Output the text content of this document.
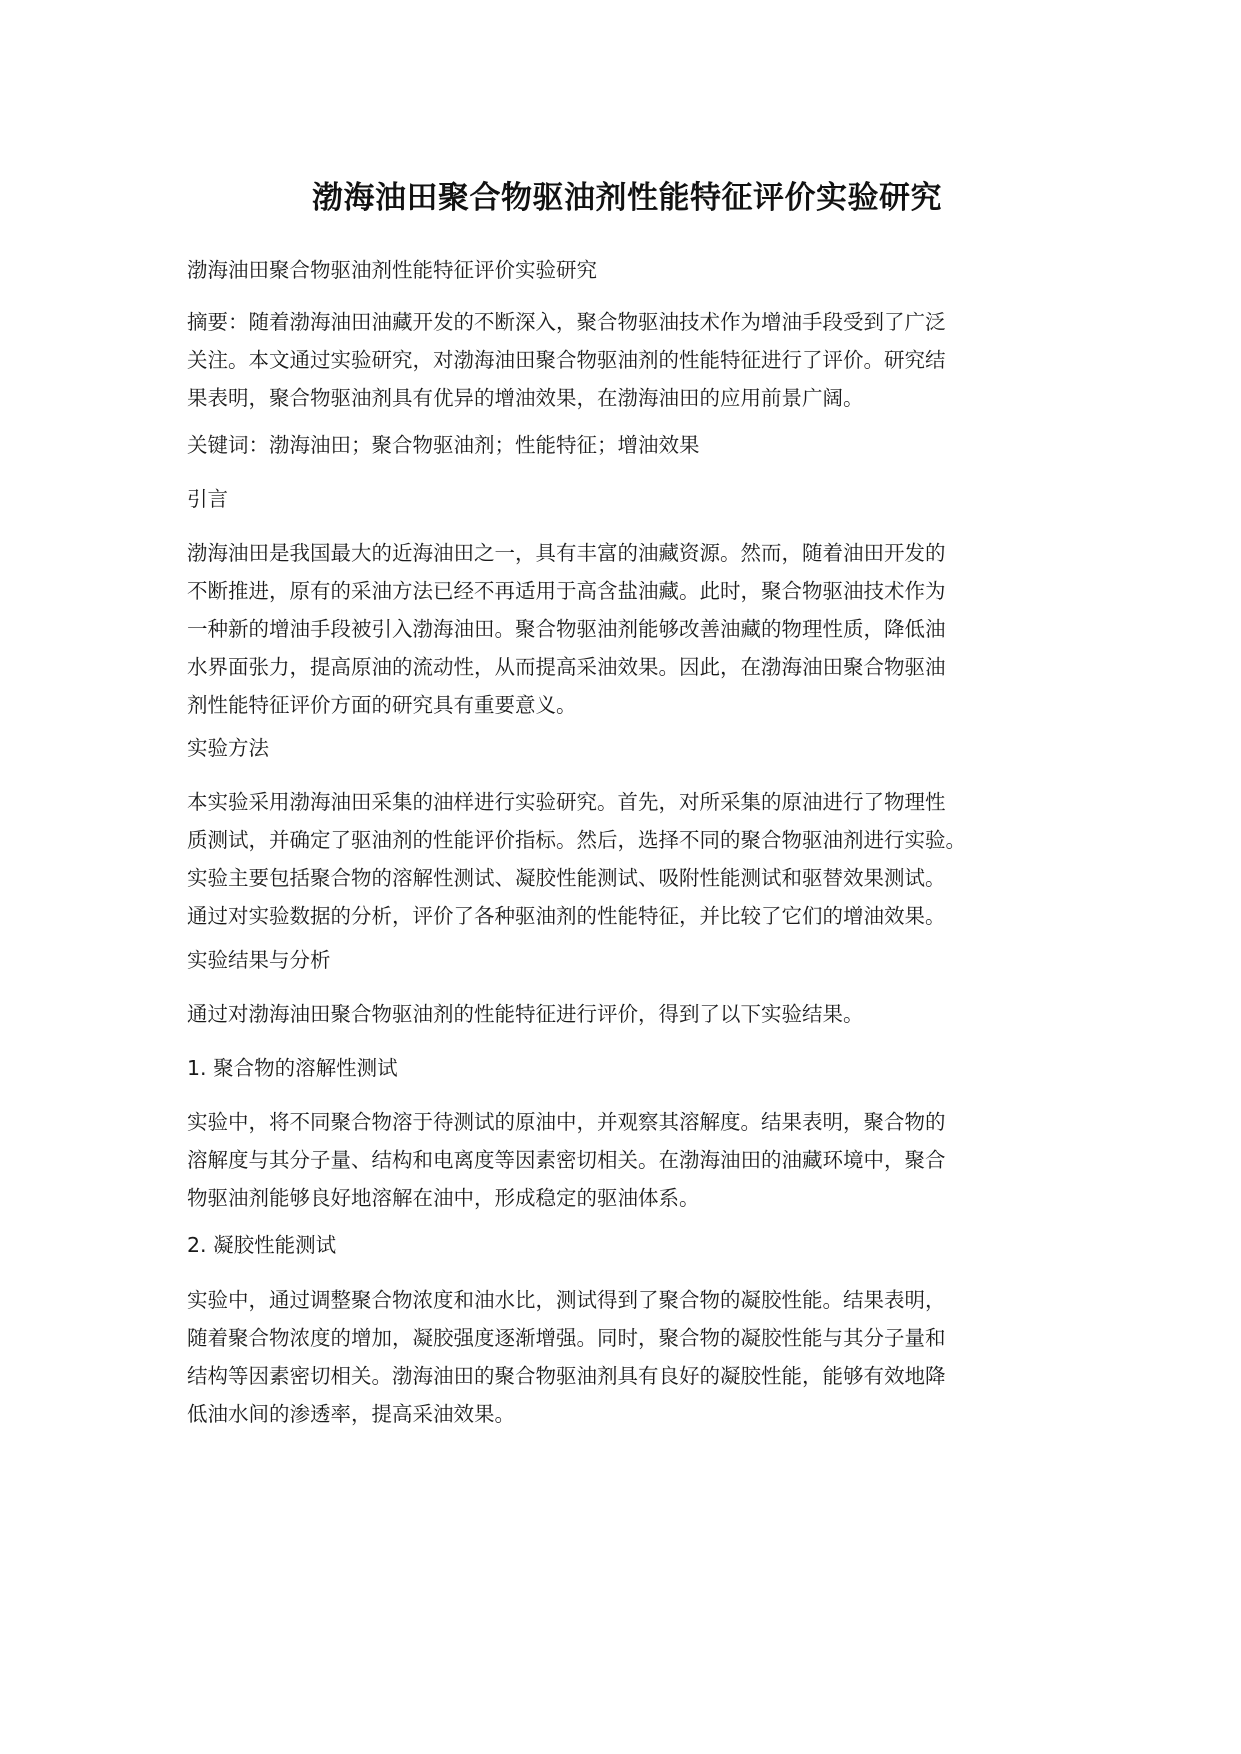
渤海油田聚合物驱油剂性能特征评价实验研究

渤海油田聚合物驱油剂性能特征评价实验研究

摘要：随着渤海油田油藏开发的不断深入，聚合物驱油技术作为增油手段受到了广泛
关注。本文通过实验研究，对渤海油田聚合物驱油剂的性能特征进行了评价。研究结
果表明，聚合物驱油剂具有优异的增油效果，在渤海油田的应用前景广阔。

关键词：渤海油田；聚合物驱油剂；性能特征；增油效果

引言

渤海油田是我国最大的近海油田之一，具有丰富的油藏资源。然而，随着油田开发的
不断推进，原有的采油方法已经不再适用于高含盐油藏。此时，聚合物驱油技术作为
一种新的增油手段被引入渤海油田。聚合物驱油剂能够改善油藏的物理性质，降低油
水界面张力，提高原油的流动性，从而提高采油效果。因此，在渤海油田聚合物驱油
剂性能特征评价方面的研究具有重要意义。

实验方法

本实验采用渤海油田采集的油样进行实验研究。首先，对所采集的原油进行了物理性
质测试，并确定了驱油剂的性能评价指标。然后，选择不同的聚合物驱油剂进行实验。
实验主要包括聚合物的溶解性测试、凝胶性能测试、吸附性能测试和驱替效果测试。
通过对实验数据的分析，评价了各种驱油剂的性能特征，并比较了它们的增油效果。

实验结果与分析

通过对渤海油田聚合物驱油剂的性能特征进行评价，得到了以下实验结果。

1. 聚合物的溶解性测试

实验中，将不同聚合物溶于待测试的原油中，并观察其溶解度。结果表明，聚合物的
溶解度与其分子量、结构和电离度等因素密切相关。在渤海油田的油藏环境中，聚合
物驱油剂能够良好地溶解在油中，形成稳定的驱油体系。

2. 凝胶性能测试

实验中，通过调整聚合物浓度和油水比，测试得到了聚合物的凝胶性能。结果表明，
随着聚合物浓度的增加，凝胶强度逐渐增强。同时，聚合物的凝胶性能与其分子量和
结构等因素密切相关。渤海油田的聚合物驱油剂具有良好的凝胶性能，能够有效地降
低油水间的渗透率，提高采油效果。
